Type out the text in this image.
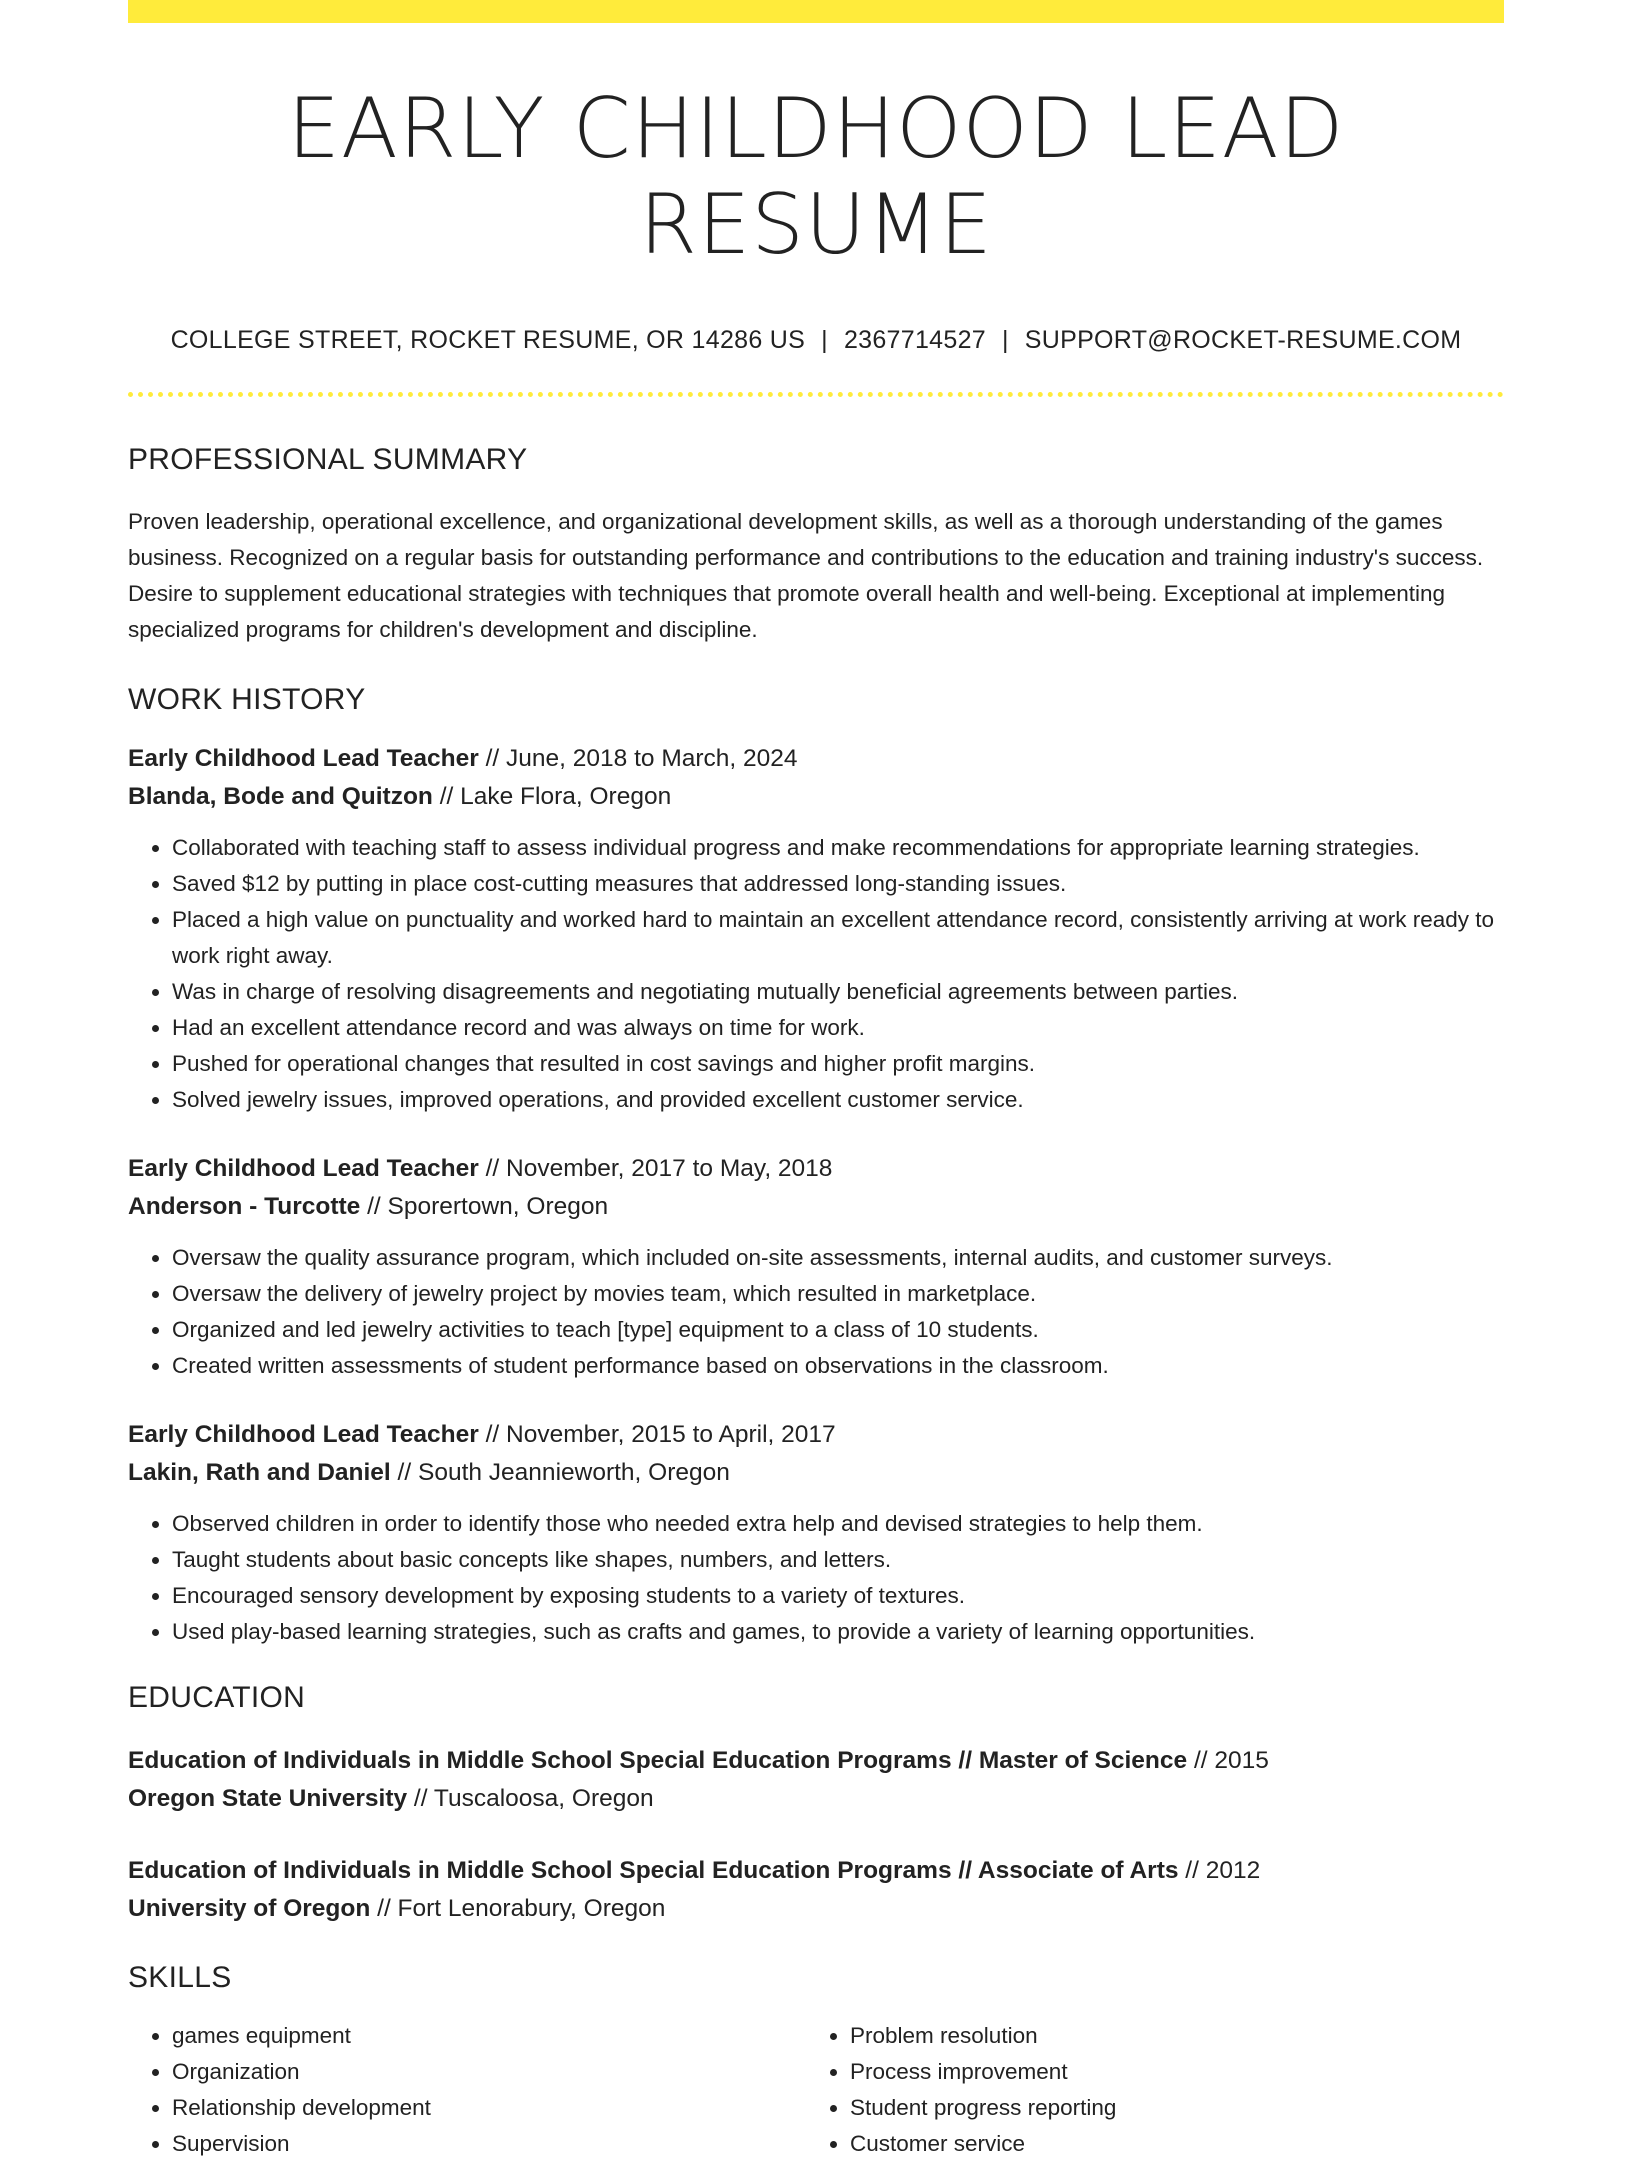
EARLY CHILDHOOD LEAD RESUME
COLLEGE STREET, ROCKET RESUME, OR 14286 US | 2367714527 | SUPPORT@ROCKET-RESUME.COM
PROFESSIONAL SUMMARY

Proven leadership, operational excellence, and organizational development skills, as well as a thorough understanding of the games business. Recognized on a regular basis for outstanding performance and contributions to the education and training industry's success. Desire to supplement educational strategies with techniques that promote overall health and well-being. Exceptional at implementing specialized programs for children's development and discipline.

WORK HISTORY
Early Childhood Lead Teacher // June, 2018 to March, 2024
Blanda, Bode and Quitzon // Lake Flora, Oregon
• Collaborated with teaching staff to assess individual progress and make recommendations for appropriate learning strategies.
• Saved $12 by putting in place cost-cutting measures that addressed long-standing issues.
• Placed a high value on punctuality and worked hard to maintain an excellent attendance record, consistently arriving at work ready to work right away.
• Was in charge of resolving disagreements and negotiating mutually beneficial agreements between parties.
• Had an excellent attendance record and was always on time for work.
• Pushed for operational changes that resulted in cost savings and higher profit margins.
• Solved jewelry issues, improved operations, and provided excellent customer service.
Early Childhood Lead Teacher // November, 2017 to May, 2018
Anderson - Turcotte // Sporertown, Oregon
• Oversaw the quality assurance program, which included on-site assessments, internal audits, and customer surveys.
• Oversaw the delivery of jewelry project by movies team, which resulted in marketplace.
• Organized and led jewelry activities to teach [type] equipment to a class of 10 students.
• Created written assessments of student performance based on observations in the classroom.
Early Childhood Lead Teacher // November, 2015 to April, 2017
Lakin, Rath and Daniel // South Jeannieworth, Oregon
• Observed children in order to identify those who needed extra help and devised strategies to help them.
• Taught students about basic concepts like shapes, numbers, and letters.
• Encouraged sensory development by exposing students to a variety of textures.
• Used play-based learning strategies, such as crafts and games, to provide a variety of learning opportunities.
EDUCATION
Education of Individuals in Middle School Special Education Programs // Master of Science // 2015
Oregon State University // Tuscaloosa, Oregon
Education of Individuals in Middle School Special Education Programs // Associate of Arts // 2012
University of Oregon // Fort Lenorabury, Oregon
SKILLS
• games equipment
• Organization
• Relationship development
• Supervision
• Problem resolution
• Process improvement
• Student progress reporting
• Customer service
